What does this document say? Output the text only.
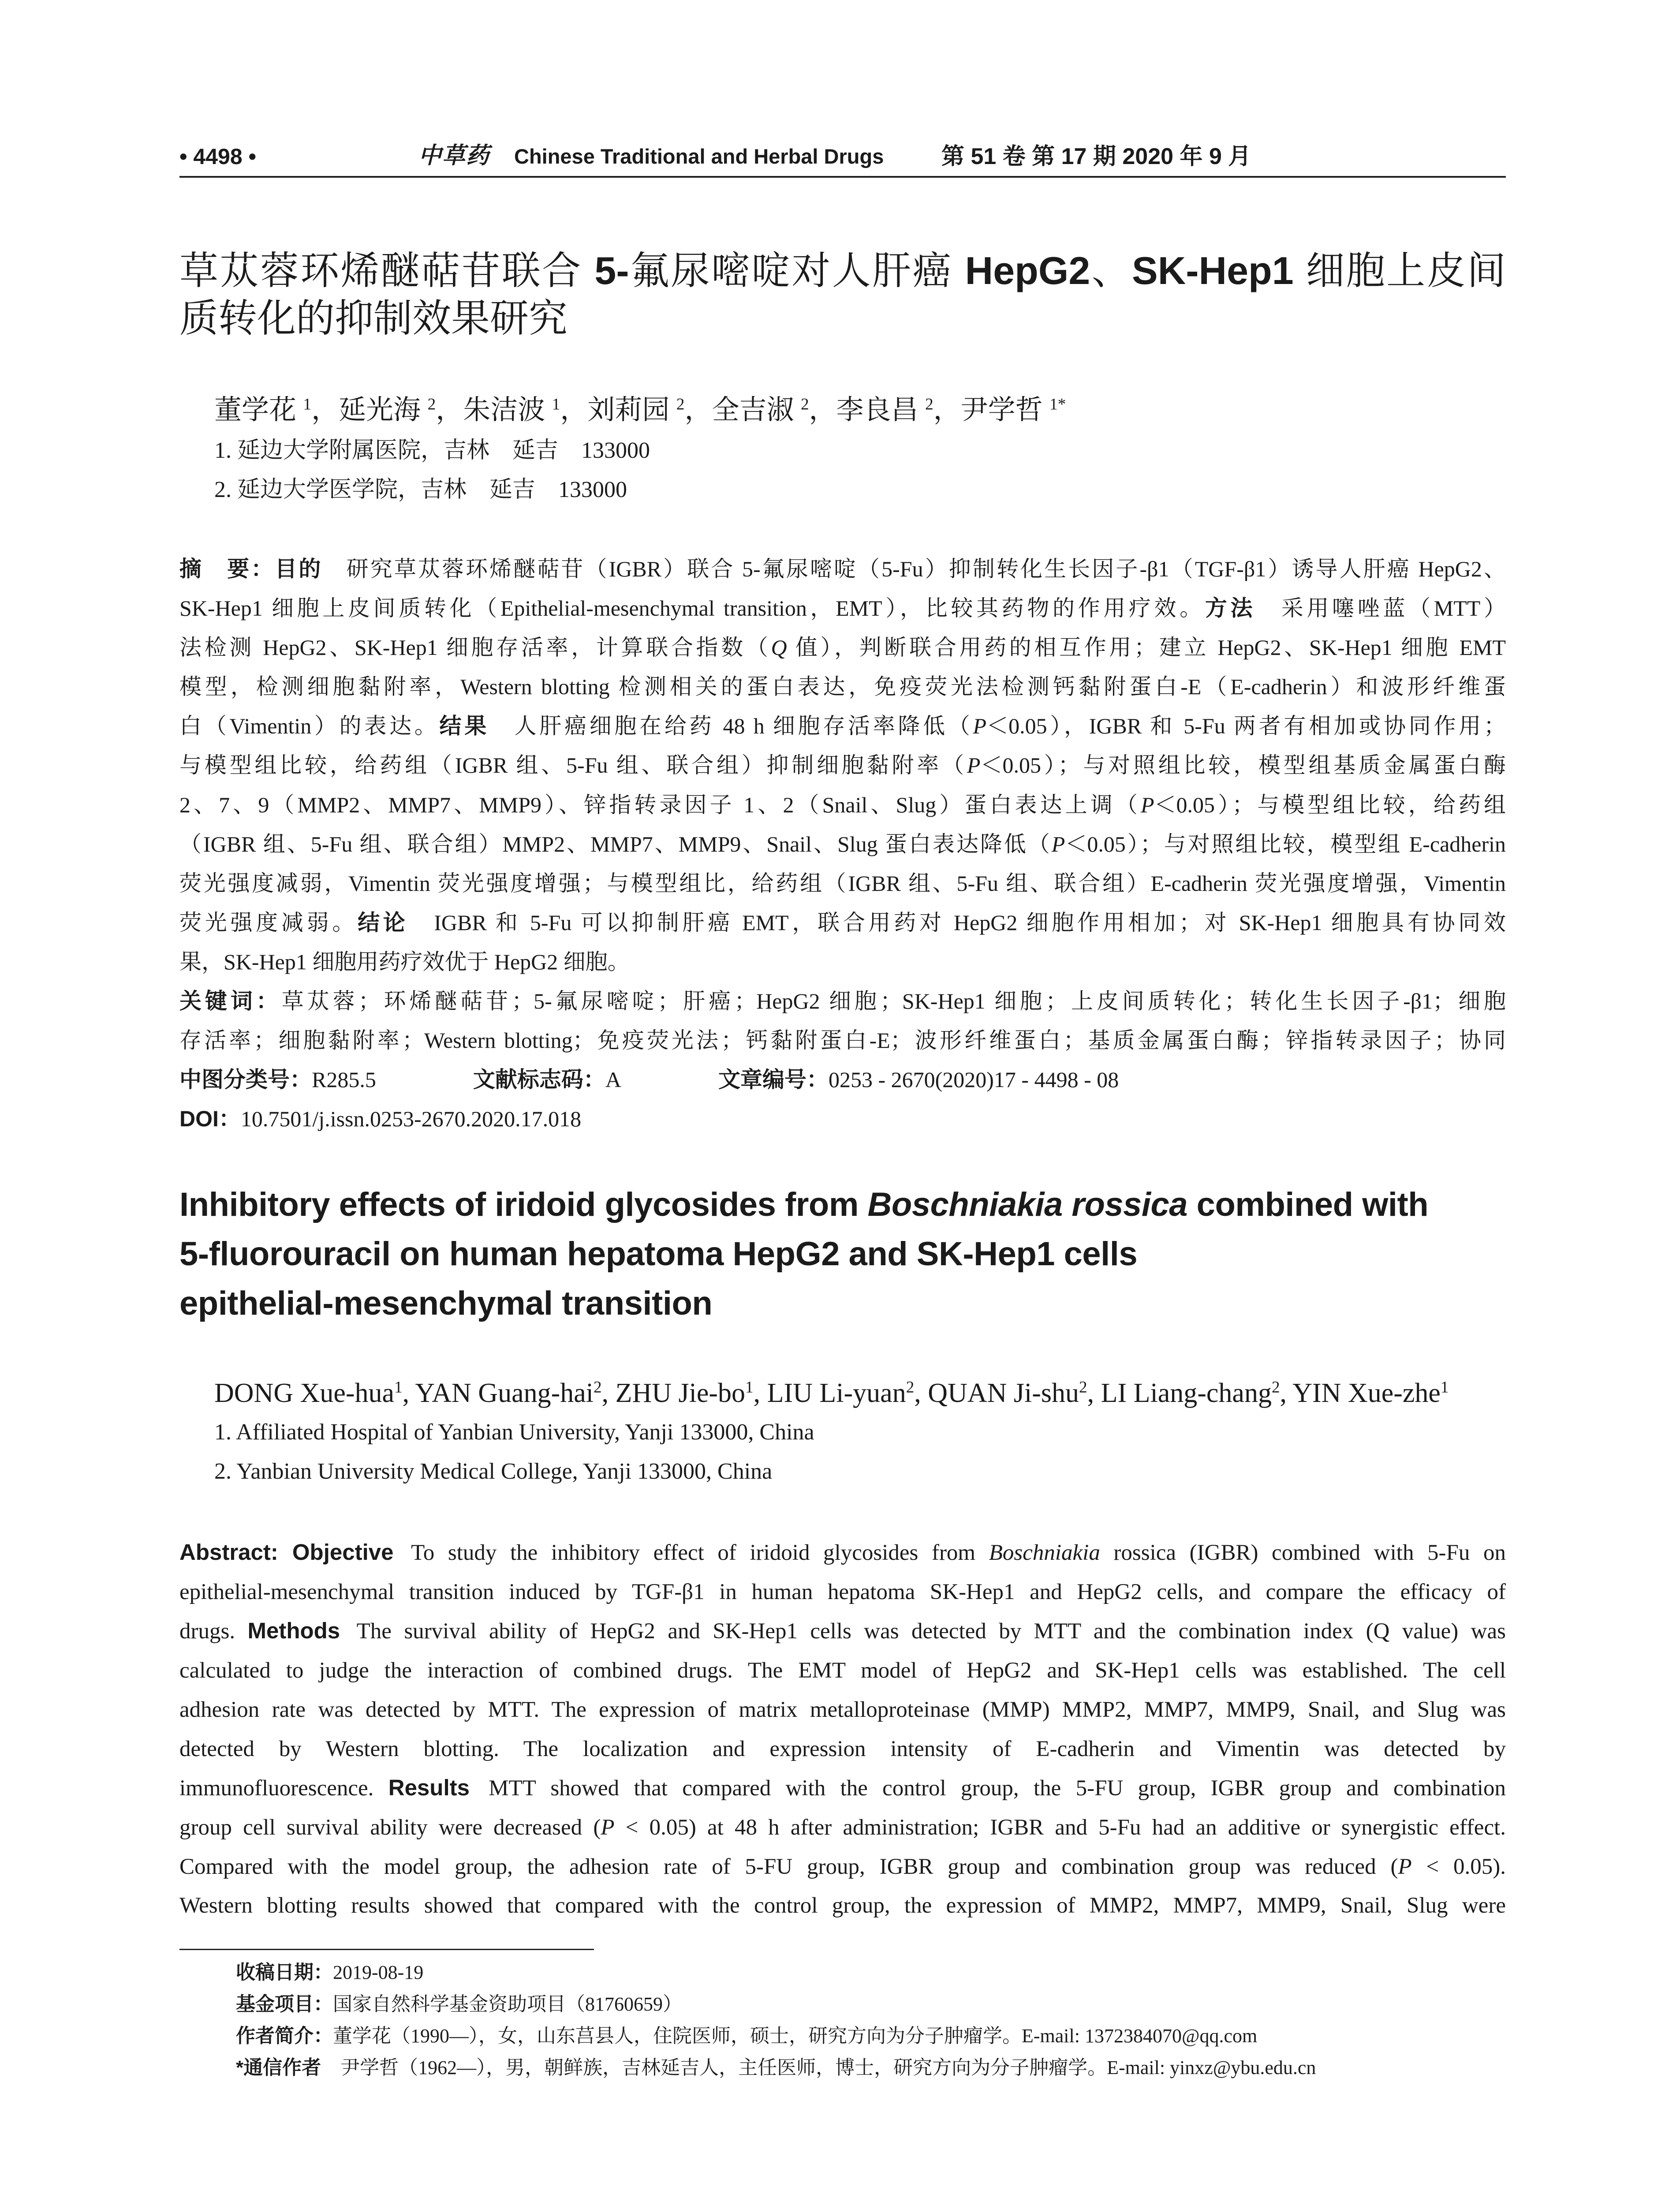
• 4498 •	中草药 Chinese Traditional and Herbal Drugs	第 51 卷 第 17 期 2020 年 9 月
草苁蓉环烯醚萜苷联合 5-氟尿嘧啶对人肝癌 HepG2、SK-Hep1 细胞上皮间
质转化的抑制效果研究
董学花 $^1$，延光海 $^2$，朱洁波 $^1$，刘莉园 $^2$，全吉淑 $^2$，李良昌 $^2$，尹学哲 $^{1*}$
1. 延边大学附属医院，吉林　延吉　133000
2. 延边大学医学院，吉林　延吉　133000
摘　要：目的　研究草苁蓉环烯醚萜苷（IGBR）联合 5-氟尿嘧啶（5-Fu）抑制转化生长因子-β1（TGF-β1）诱导人肝癌 HepG2、
SK-Hep1 细胞上皮间质转化（Epithelial-mesenchymal transition，EMT），比较其药物的作用疗效。方法　采用噻唑蓝（MTT）
法检测 HepG2、SK-Hep1 细胞存活率，计算联合指数（Q 值），判断联合用药的相互作用；建立 HepG2、SK-Hep1 细胞 EMT
模型，检测细胞黏附率，Western blotting 检测相关的蛋白表达，免疫荧光法检测钙黏附蛋白-E（E-cadherin）和波形纤维蛋
白（Vimentin）的表达。结果　人肝癌细胞在给药 48 h 细胞存活率降低（P＜0.05），IGBR 和 5-Fu 两者有相加或协同作用；
与模型组比较，给药组（IGBR 组、5-Fu 组、联合组）抑制细胞黏附率（P＜0.05）；与对照组比较，模型组基质金属蛋白酶
2、7、9（MMP2、MMP7、MMP9）、锌指转录因子 1、2（Snail、Slug）蛋白表达上调（P＜0.05）；与模型组比较，给药组
（IGBR 组、5-Fu 组、联合组）MMP2、MMP7、MMP9、Snail、Slug 蛋白表达降低（P＜0.05）；与对照组比较，模型组 E-cadherin
荧光强度减弱，Vimentin 荧光强度增强；与模型组比，给药组（IGBR 组、5-Fu 组、联合组）E-cadherin 荧光强度增强，Vimentin
荧光强度减弱。结论　IGBR 和 5-Fu 可以抑制肝癌 EMT，联合用药对 HepG2 细胞作用相加；对 SK-Hep1 细胞具有协同效
果，SK-Hep1 细胞用药疗效优于 HepG2 细胞。
关键词：草苁蓉；环烯醚萜苷；5-氟尿嘧啶；肝癌；HepG2 细胞；SK-Hep1 细胞；上皮间质转化；转化生长因子-β1；细胞
存活率；细胞黏附率；Western blotting；免疫荧光法；钙黏附蛋白-E；波形纤维蛋白；基质金属蛋白酶；锌指转录因子；协同
中图分类号：R285.5	文献标志码：A	文章编号：0253 - 2670(2020)17 - 4498 - 08
DOI：10.7501/j.issn.0253-2670.2020.17.018
Inhibitory effects of iridoid glycosides from Boschniakia rossica combined with
5-fluorouracil on human hepatoma HepG2 and SK-Hep1 cells
epithelial-mesenchymal transition
DONG Xue-hua$^1$, YAN Guang-hai$^2$, ZHU Jie-$bo^1$, LIU Li-yuan$^2$, QUAN Ji-shu$^2$, LI Liang-chang$^2$, YIN Xue-zhe$^1$
1. Affiliated Hospital of Yanbian University, Yanji 133000, China
2. Yanbian University Medical College, Yanji 133000, China
Abstract: Objective To study the inhibitory effect of iridoid glycosides from Boschniakia rossica (IGBR) combined with 5-Fu on
epithelial-mesenchymal transition induced by TGF-β1 in human hepatoma SK-Hep1 and HepG2 cells, and compare the efficacy of
drugs. Methods The survival ability of HepG2 and SK-Hep1 cells was detected by MTT and the combination index (Q value) was
calculated to judge the interaction of combined drugs. The EMT model of HepG2 and SK-Hep1 cells was established. The cell
adhesion rate was detected by MTT. The expression of matrix metalloproteinase (MMP) MMP2, MMP7, MMP9, Snail, and Slug was
detected by Western blotting. The localization and expression intensity of E-cadherin and Vimentin was detected by
immunofluorescence. Results MTT showed that compared with the control group, the 5-FU group, IGBR group and combination
group cell survival ability were decreased (P < 0.05) at 48 h after administration; IGBR and 5-Fu had an additive or synergistic effect.
Compared with the model group, the adhesion rate of 5-FU group, IGBR group and combination group was reduced (P < 0.05).
Western blotting results showed that compared with the control group, the expression of MMP2, MMP7, MMP9, Snail, Slug were
收稿日期：2019-08-19
基金项目：国家自然科学基金资助项目（81760659）
作者简介：董学花（1990—），女，山东莒县人，住院医师，硕士，研究方向为分子肿瘤学。E-mail: 1372384070@qq.com
*通信作者　尹学哲（1962—），男，朝鲜族，吉林延吉人，主任医师，博士，研究方向为分子肿瘤学。E-mail: yinxz@ybu.edu.cn
